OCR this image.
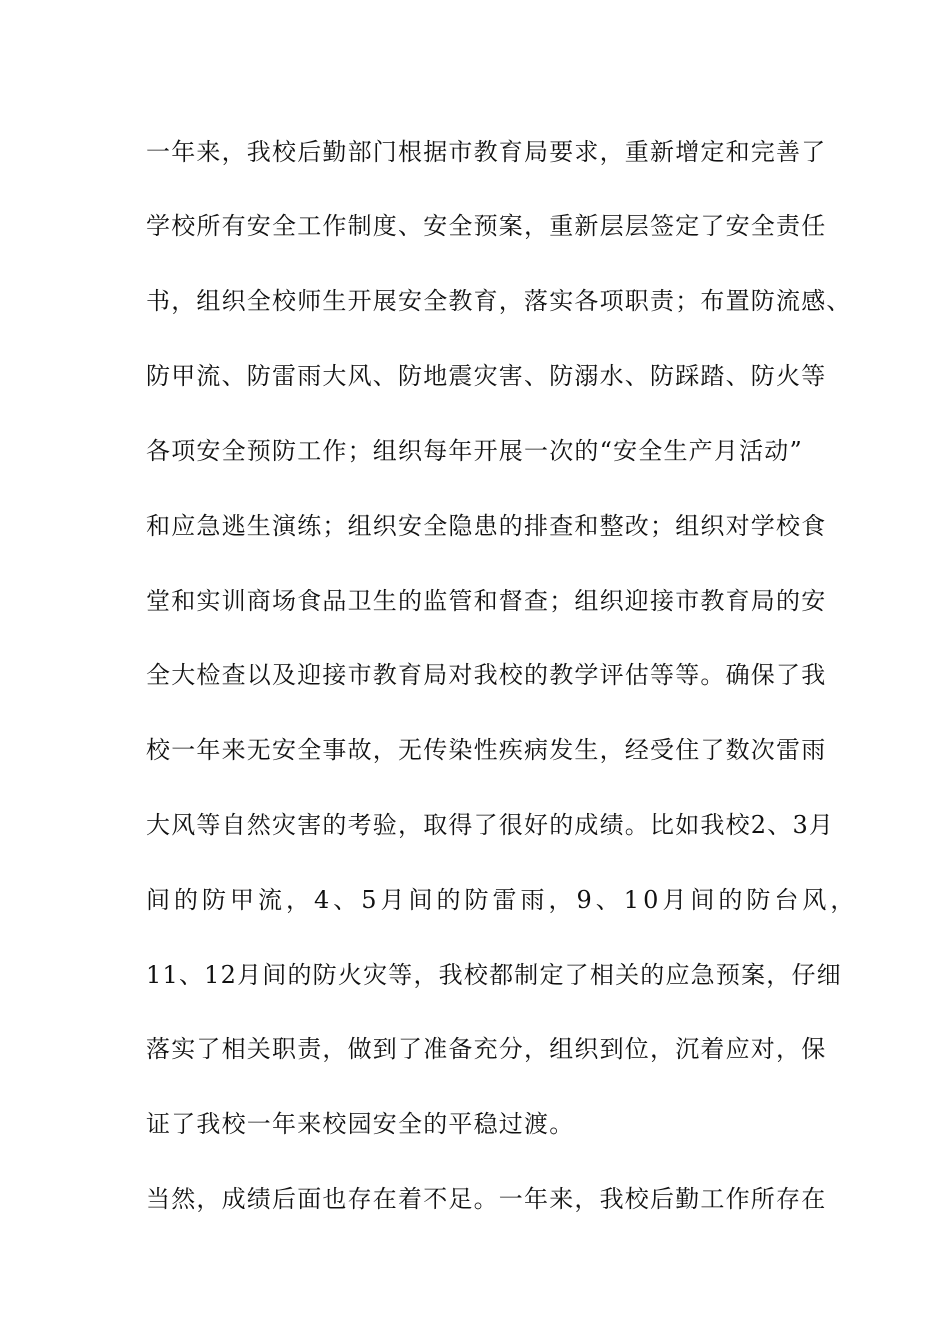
一年来，我校后勤部门根据市教育局要求，重新增定和完善了
学校所有安全工作制度、安全预案，重新层层签定了安全责任
书，组织全校师生开展安全教育，落实各项职责；布置防流感、
防甲流、防雷雨大风、防地震灾害、防溺水、防踩踏、防火等
各项安全预防工作；组织每年开展一次的“安全生产月活动”
和应急逃生演练；组织安全隐患的排查和整改；组织对学校食
堂和实训商场食品卫生的监管和督查；组织迎接市教育局的安
全大检查以及迎接市教育局对我校的教学评估等等。确保了我
校一年来无安全事故，无传染性疾病发生，经受住了数次雷雨
大风等自然灾害的考验，取得了很好的成绩。比如我校2、3月
间的防甲流，4、5月间的防雷雨，9、10月间的防台风，
11、12月间的防火灾等，我校都制定了相关的应急预案，仔细
落实了相关职责，做到了准备充分，组织到位，沉着应对，保
证了我校一年来校园安全的平稳过渡。
当然，成绩后面也存在着不足。一年来，我校后勤工作所存在
